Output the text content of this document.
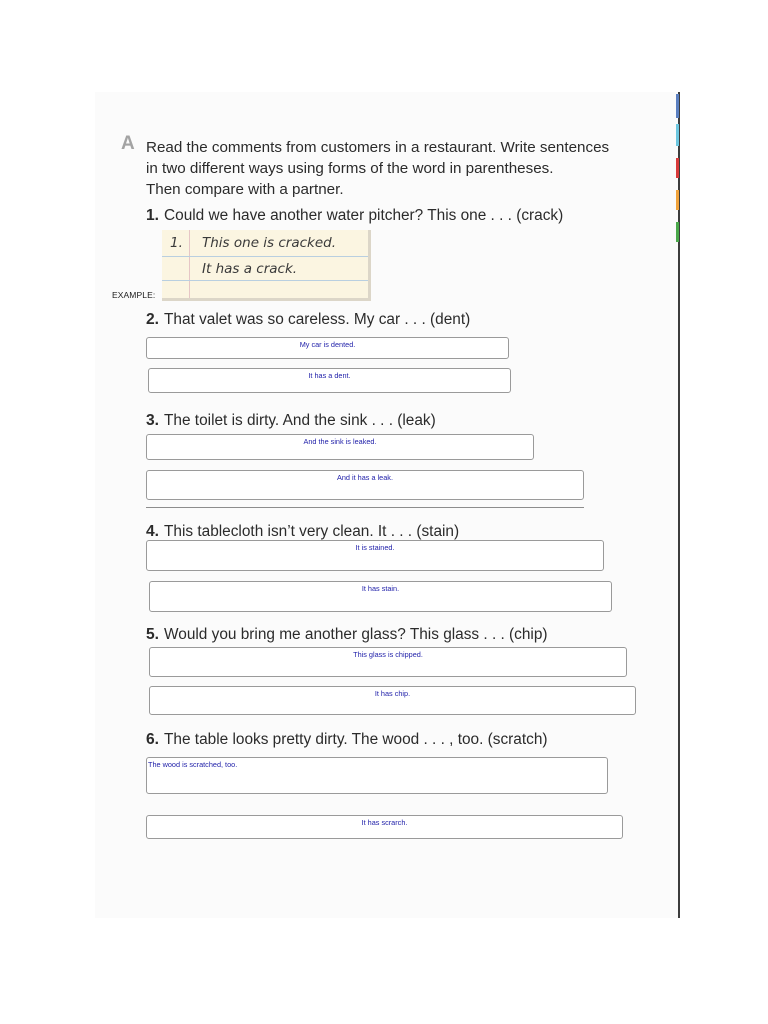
A Read the comments from customers in a restaurant. Write sentences
in two different ways using forms of the word in parentheses.
Then compare with a partner.
1. Could we have another water pitcher? This one . . . (crack)
1. This one is cracked.
It has a crack.
EXAMPLE:
2. That valet was so careless. My car . . . (dent)
My car is dented.
It has a dent.
3. The toilet is dirty. And the sink . . . (leak)
And the sink is leaked.
And it has a leak.
4. This tablecloth isn’t very clean. It . . . (stain)
It is stained.
It has stain.
5. Would you bring me another glass? This glass . . . (chip)
This glass is chipped.
It has chip.
6. The table looks pretty dirty. The wood . . . , too. (scratch)
The wood is scratched, too.
It has scrarch.
